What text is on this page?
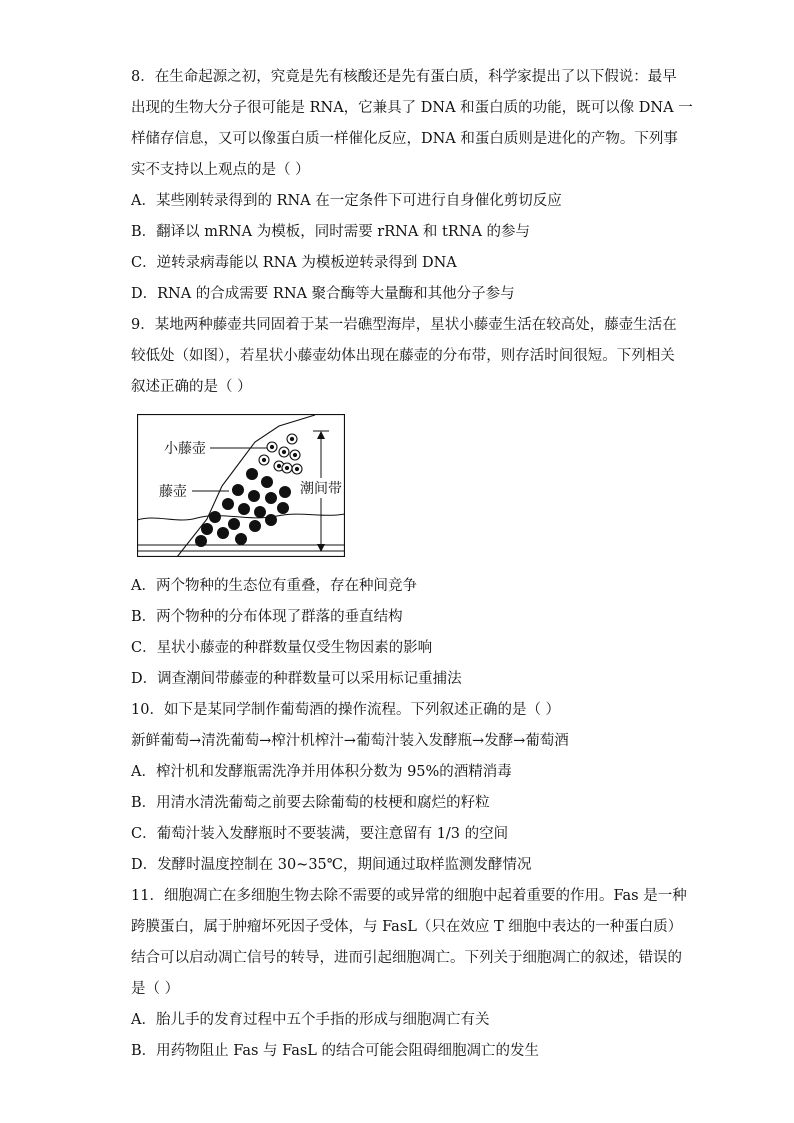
8．在生命起源之初，究竟是先有核酸还是先有蛋白质，科学家提出了以下假说：最早
出现的生物大分子很可能是 RNA，它兼具了 DNA 和蛋白质的功能，既可以像 DNA 一
样储存信息，又可以像蛋白质一样催化反应，DNA 和蛋白质则是进化的产物。下列事
实不支持以上观点的是（ ）
A．某些刚转录得到的 RNA 在一定条件下可进行自身催化剪切反应
B．翻译以 mRNA 为模板，同时需要 rRNA 和 tRNA 的参与
C．逆转录病毒能以 RNA 为模板逆转录得到 DNA
D．RNA 的合成需要 RNA 聚合酶等大量酶和其他分子参与
9．某地两种藤壶共同固着于某一岩礁型海岸，星状小藤壶生活在较高处，藤壶生活在
较低处（如图），若星状小藤壶幼体出现在藤壶的分布带，则存活时间很短。下列相关
叙述正确的是（ ）
潮间带
小藤壶
藤壶
A．两个物种的生态位有重叠，存在种间竞争
B．两个物种的分布体现了群落的垂直结构
C．星状小藤壶的种群数量仅受生物因素的影响
D．调查潮间带藤壶的种群数量可以采用标记重捕法
10．如下是某同学制作葡萄酒的操作流程。下列叙述正确的是（ ）
新鲜葡萄→清洗葡萄→榨汁机榨汁→葡萄汁装入发酵瓶→发酵→葡萄酒
A．榨汁机和发酵瓶需洗净并用体积分数为 95%的酒精消毒
B．用清水清洗葡萄之前要去除葡萄的枝梗和腐烂的籽粒
C．葡萄汁装入发酵瓶时不要装满，要注意留有 1/3 的空间
D．发酵时温度控制在 30~35℃，期间通过取样监测发酵情况
11．细胞凋亡在多细胞生物去除不需要的或异常的细胞中起着重要的作用。Fas 是一种
跨膜蛋白，属于肿瘤坏死因子受体，与 FasL（只在效应 T 细胞中表达的一种蛋白质）
结合可以启动凋亡信号的转导，进而引起细胞凋亡。下列关于细胞凋亡的叙述，错误的
是（ ）
A．胎儿手的发育过程中五个手指的形成与细胞凋亡有关
B．用药物阻止 Fas 与 FasL 的结合可能会阻碍细胞凋亡的发生
